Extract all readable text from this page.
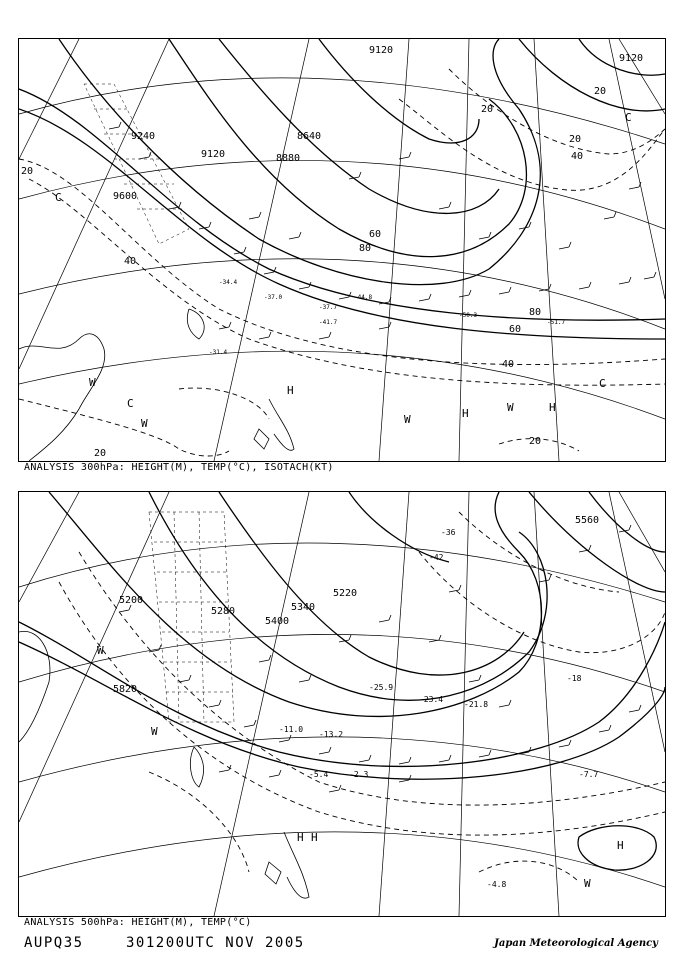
9120
9240
9120	8880
8640
9600
9120
20
40
60
80
20
20
40
20
20
40
60
80
20
-34.4
-37.0
-37.7
-44.8
-41.7
-50.3
-51.7
-31.4
C
C
C
C
W
W	W
W
H
H	H
ANALYSIS 300hPa: HEIGHT(M), TEMP(°C), ISOTACH(KT)
5560
5220
5340
5400
5280
5200
5820
-42
-36
-18
-4.8
-7.7
-21.8
-23.4
-25.9
-13.2
-11.0
-2.3
-5.4
H H
H
W
W
W
ANALYSIS 500hPa: HEIGHT(M), TEMP(°C)
AUPQ35	301200UTC NOV 2005	Japan Meteorological Agency
